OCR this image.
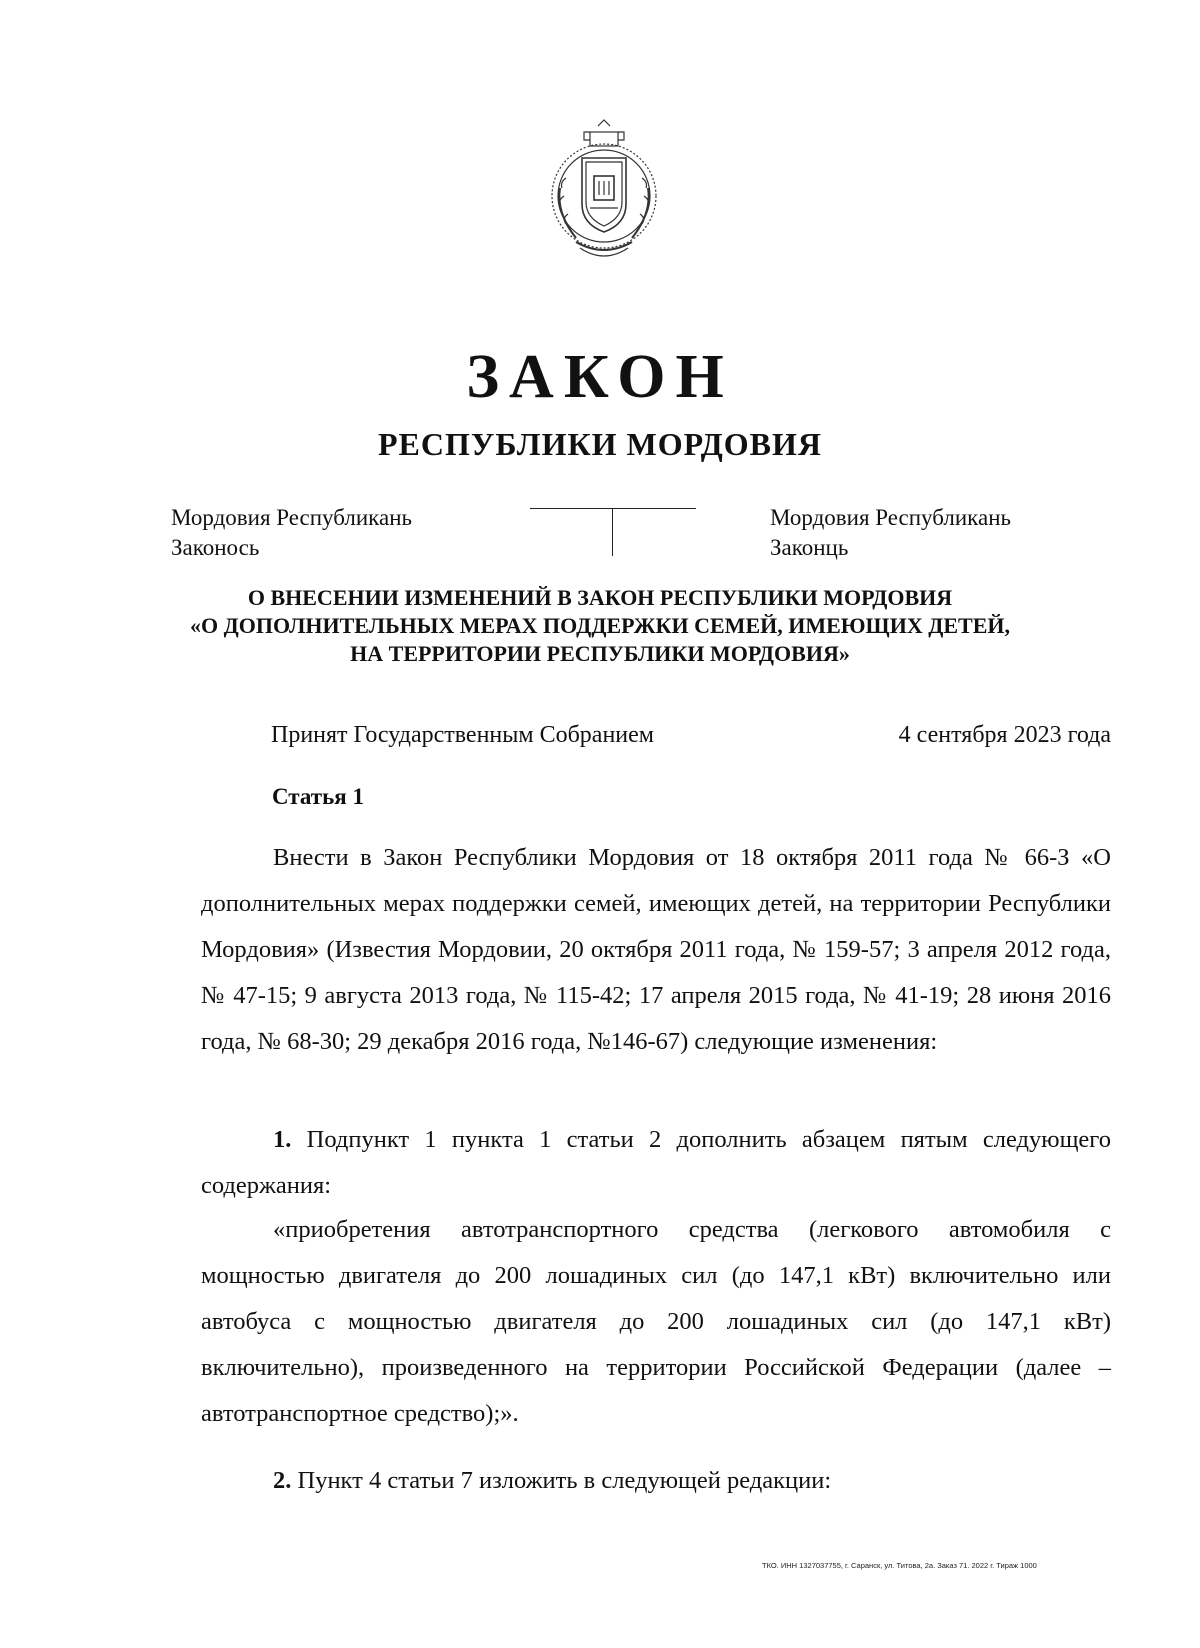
ЗАКОН
РЕСПУБЛИКИ МОРДОВИЯ
Мордовия Республикань
Законось
Мордовия Республикань
Законць
О ВНЕСЕНИИ ИЗМЕНЕНИЙ В ЗАКОН РЕСПУБЛИКИ МОРДОВИЯ
«О ДОПОЛНИТЕЛЬНЫХ МЕРАХ ПОДДЕРЖКИ СЕМЕЙ, ИМЕЮЩИХ ДЕТЕЙ,
НА ТЕРРИТОРИИ РЕСПУБЛИКИ МОРДОВИЯ»
Принят Государственным Собранием	4 сентября 2023 года
Статья 1

Внести в Закон Республики Мордовия от 18 октября 2011 года № 66-З «О дополнительных мерах поддержки семей, имеющих детей, на территории Республики Мордовия» (Известия Мордовии, 20 октября 2011 года, № 159-57; 3 апреля 2012 года, № 47-15; 9 августа 2013 года, № 115-42; 17 апреля 2015 года, № 41-19; 28 июня 2016 года, № 68-30; 29 декабря 2016 года, №146-67) следующие изменения:

1. Подпункт 1 пункта 1 статьи 2 дополнить абзацем пятым следующего содержания:

«приобретения автотранспортного средства (легкового автомобиля с мощностью двигателя до 200 лошадиных сил (до 147,1 кВт) включительно или автобуса с мощностью двигателя до 200 лошадиных сил (до 147,1 кВт) включительно), произведенного на территории Российской Федерации (далее – автотранспортное средство);».

2. Пункт 4 статьи 7 изложить в следующей редакции:

ТКО. ИНН 1327037755, г. Саранск, ул. Титова, 2а. Заказ 71. 2022 г. Тираж 1000
